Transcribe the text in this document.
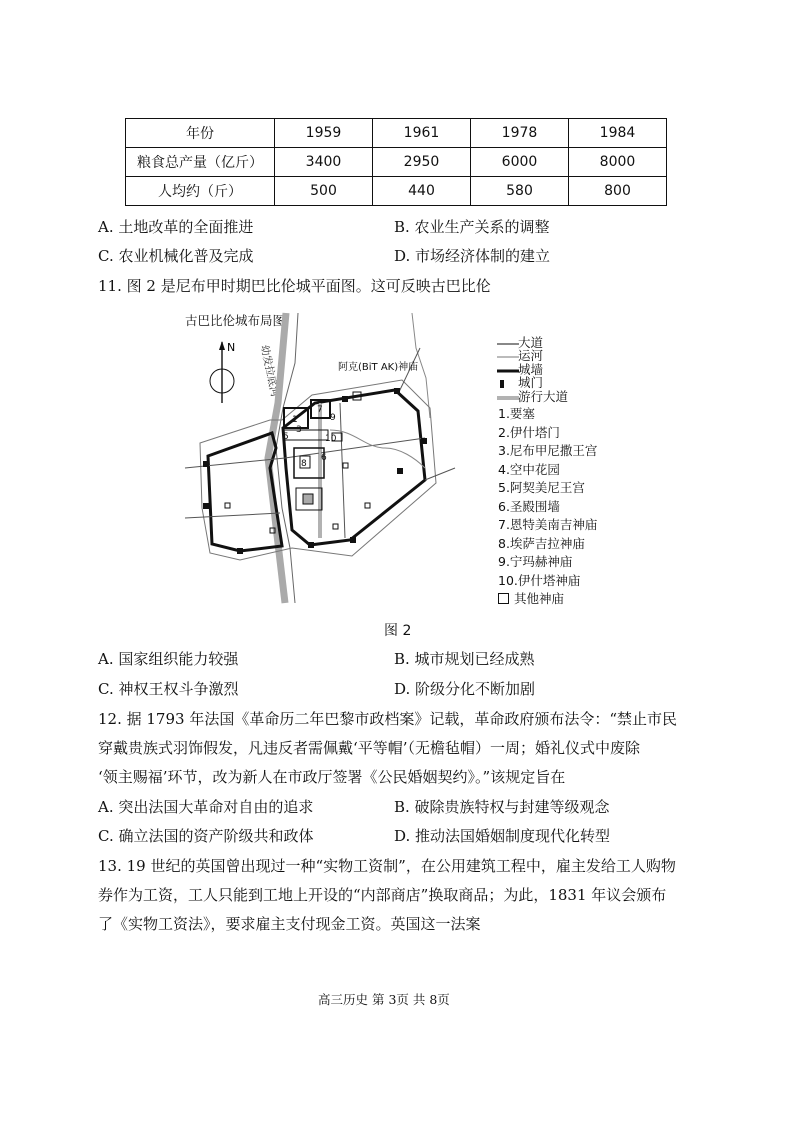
年份	1959	1961	1978	1984
粮食总产量（亿斤）	3400	2950	6000	8000
人均约（斤）	500	440	580	800
A. 土地改革的全面推进	B. 农业生产关系的调整
C. 农业机械化普及完成	D. 市场经济体制的建立
11. 图 2 是尼布甲时期巴比伦城平面图。这可反映古巴比伦
古巴比伦城布局图
N 幼发拉底河
1
7
3
5
9
6
8
10
阿克(BiT AK)神庙
大道
运河
城墙
城门
游行大道
1.要塞
2.伊什塔门
3.尼布甲尼撒王宫
4.空中花园
5.阿契美尼王宫
6.圣殿围墙
7.恩特美南吉神庙
8.埃萨吉拉神庙
9.宁玛赫神庙
10.伊什塔神庙
其他神庙
图 2
A. 国家组织能力较强	B. 城市规划已经成熟
C. 神权王权斗争激烈	D. 阶级分化不断加剧
12. 据 1793 年法国《革命历二年巴黎市政档案》记载，革命政府颁布法令：“禁止市民
穿戴贵族式羽饰假发，凡违反者需佩戴‘平等帽’（无檐毡帽）一周；婚礼仪式中废除
‘领主赐福’环节，改为新人在市政厅签署《公民婚姻契约》。”该规定旨在
A. 突出法国大革命对自由的追求	B. 破除贵族特权与封建等级观念
C. 确立法国的资产阶级共和政体	D. 推动法国婚姻制度现代化转型
13. 19 世纪的英国曾出现过一种“实物工资制”，在公用建筑工程中，雇主发给工人购物
券作为工资，工人只能到工地上开设的“内部商店”换取商品；为此，1831 年议会颁布
了《实物工资法》，要求雇主支付现金工资。英国这一法案
高三历史 第 3页 共 8页
